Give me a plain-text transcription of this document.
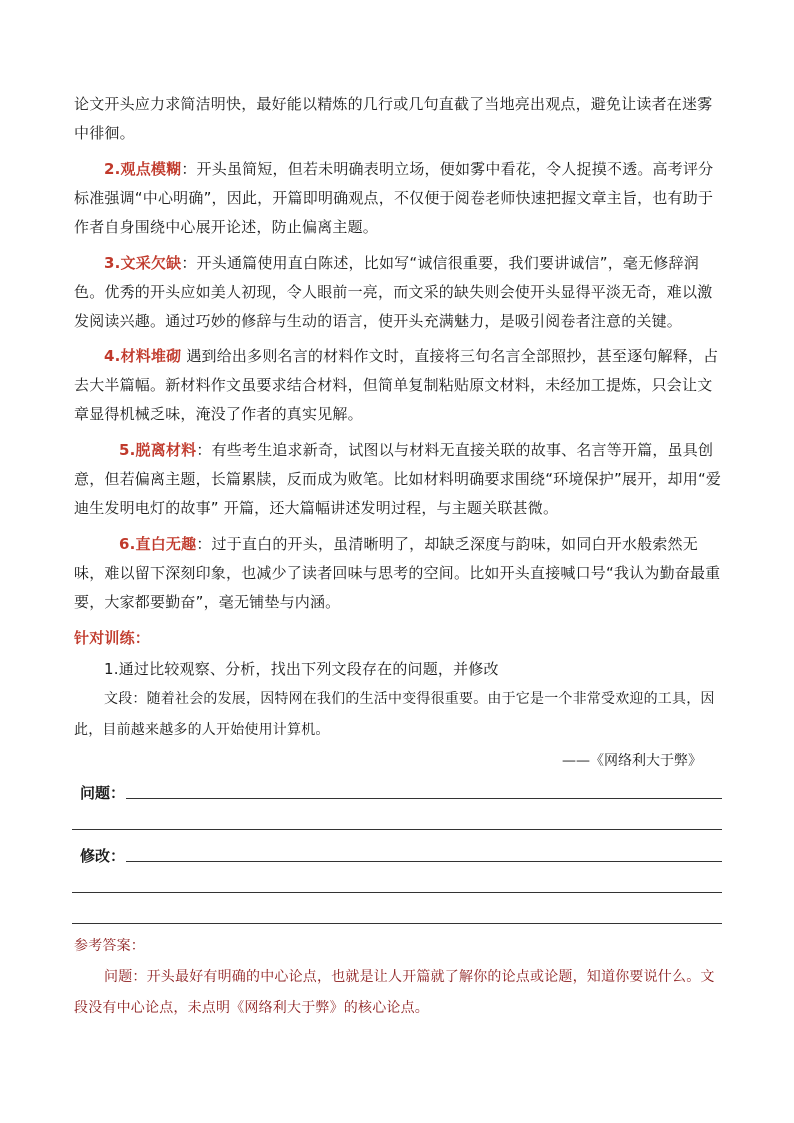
论文开头应力求简洁明快，最好能以精炼的几行或几句直截了当地亮出观点，避免让读者在迷雾中徘徊。

2.观点模糊：开头虽简短，但若未明确表明立场，便如雾中看花，令人捉摸不透。高考评分标准强调“中心明确”，因此，开篇即明确观点，不仅便于阅卷老师快速把握文章主旨，也有助于作者自身围绕中心展开论述，防止偏离主题。

3.文采欠缺：开头通篇使用直白陈述，比如写“诚信很重要，我们要讲诚信”，毫无修辞润色。优秀的开头应如美人初现，令人眼前一亮，而文采的缺失则会使开头显得平淡无奇，难以激发阅读兴趣。通过巧妙的修辞与生动的语言，使开头充满魅力，是吸引阅卷者注意的关键。

4.材料堆砌 遇到给出多则名言的材料作文时，直接将三句名言全部照抄，甚至逐句解释，占去大半篇幅。新材料作文虽要求结合材料，但简单复制粘贴原文材料，未经加工提炼，只会让文章显得机械乏味，淹没了作者的真实见解。

5.脱离材料：有些考生追求新奇，试图以与材料无直接关联的故事、名言等开篇，虽具创意，但若偏离主题，长篇累牍，反而成为败笔。比如材料明确要求围绕“环境保护”展开，却用“爱迪生发明电灯的故事” 开篇，还大篇幅讲述发明过程，与主题关联甚微。

6.直白无趣：过于直白的开头，虽清晰明了，却缺乏深度与韵味，如同白开水般索然无味，难以留下深刻印象，也减少了读者回味与思考的空间。比如开头直接喊口号“我认为勤奋最重要，大家都要勤奋”，毫无铺垫与内涵。

针对训练：

1.通过比较观察、分析，找出下列文段存在的问题，并修改

文段：随着社会的发展，因特网在我们的生活中变得很重要。由于它是一个非常受欢迎的工具，因此，目前越来越多的人开始使用计算机。

——《网络利大于弊》
问题：
修改：
参考答案：

问题：开头最好有明确的中心论点，也就是让人开篇就了解你的论点或论题，知道你要说什么。文段没有中心论点，未点明《网络利大于弊》的核心论点。
